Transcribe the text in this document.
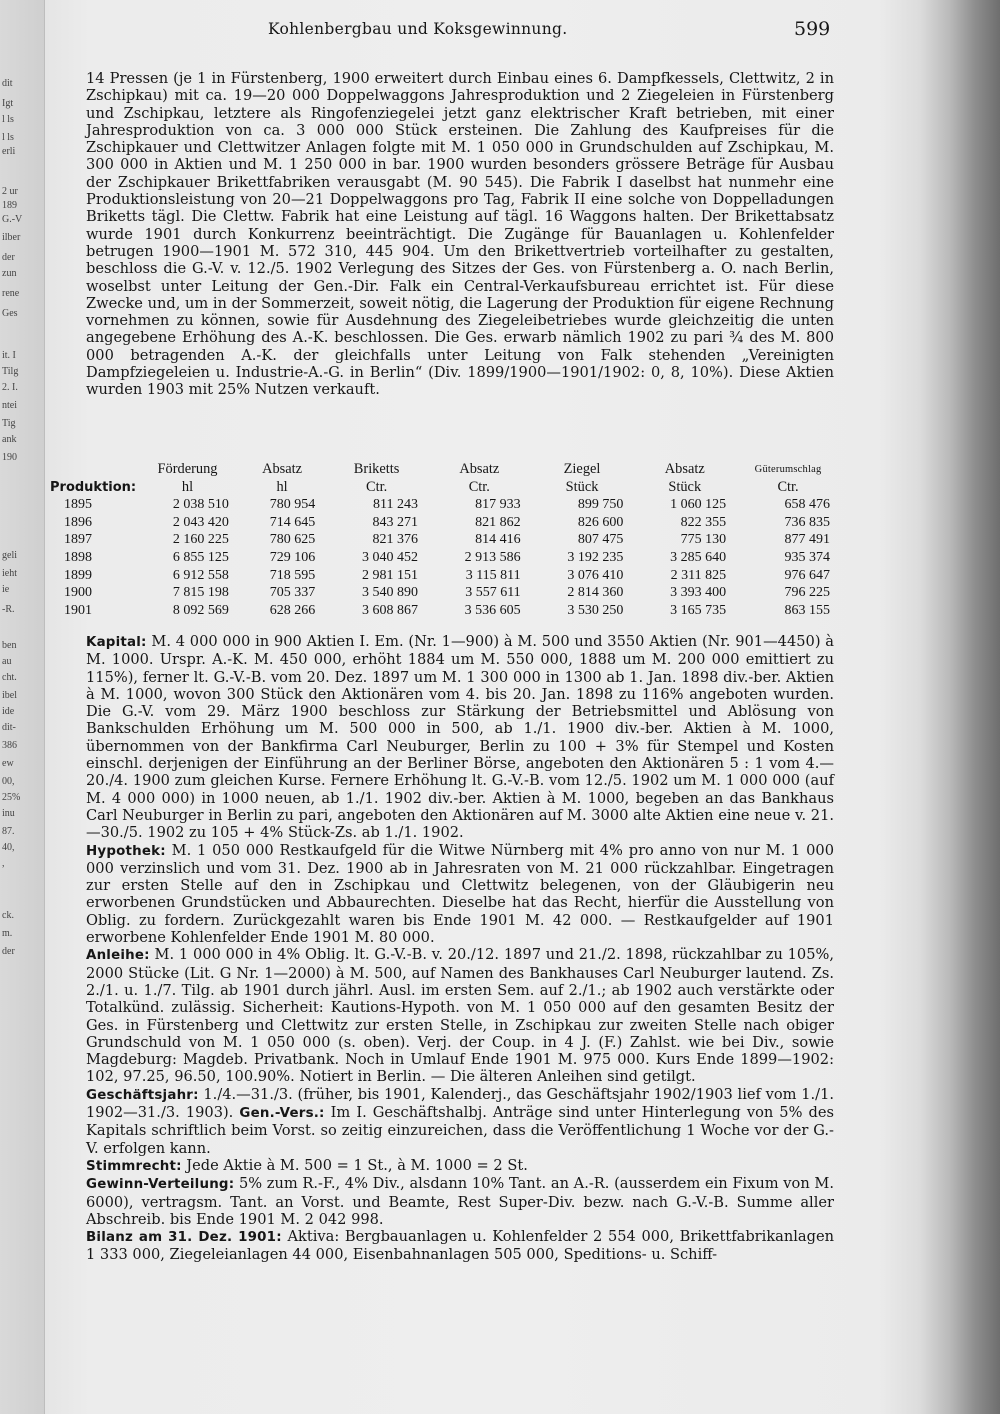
dit
Igt
l ls
l ls
erli
2 ur
189
G.-V
ilber
der
zun
rene
Ges
it. I
Tilg
2. I.
ntei
Tig
ank
190
geli
ieht
ie
-R.
ben
au
cht.
ibel
ide
dit-
386
ew
00,
25%
inu
87.
40,
,
ck.
m.
der
Kohlenbergbau und Koksgewinnung.	599

14 Pressen (je 1 in Fürstenberg, 1900 erweitert durch Einbau eines 6. Dampfkessels, Clettwitz, 2 in Zschipkau) mit ca. 19—20 000 Doppelwaggons Jahresproduktion und 2 Ziegeleien in Fürstenberg und Zschipkau, letztere als Ringofenziegelei jetzt ganz elektrischer Kraft betrieben, mit einer Jahresproduktion von ca. 3 000 000 Stück ersteinen. Die Zahlung des Kaufpreises für die Zschipkauer und Clettwitzer Anlagen folgte mit M. 1 050 000 in Grundschulden auf Zschipkau, M. 300 000 in Aktien und M. 1 250 000 in bar. 1900 wurden besonders grössere Beträge für Ausbau der Zschipkauer Brikettfabriken verausgabt (M. 90 545). Die Fabrik I daselbst hat nunmehr eine Produktionsleistung von 20—21 Doppelwaggons pro Tag, Fabrik II eine solche von Doppelladungen Briketts tägl. Die Clettw. Fabrik hat eine Leistung auf tägl. 16 Waggons halten. Der Brikettabsatz wurde 1901 durch Konkurrenz beeinträchtigt. Die Zugänge für Bauanlagen u. Kohlenfelder betrugen 1900—1901 M. 572 310, 445 904. Um den Brikettvertrieb vorteilhafter zu gestalten, beschloss die G.-V. v. 12./5. 1902 Verlegung des Sitzes der Ges. von Fürstenberg a. O. nach Berlin, woselbst unter Leitung der Gen.-Dir. Falk ein Central-Verkaufsbureau errichtet ist. Für diese Zwecke und, um in der Sommerzeit, soweit nötig, die Lagerung der Produktion für eigene Rechnung vornehmen zu können, sowie für Ausdehnung des Ziegeleibetriebes wurde gleichzeitig die unten angegebene Erhöhung des A.-K. beschlossen. Die Ges. erwarb nämlich 1902 zu pari ¾ des M. 800 000 betragenden A.-K. der gleichfalls unter Leitung von Falk stehenden „Vereinigten Dampfziegeleien u. Industrie-A.-G. in Berlin“ (Div. 1899/1900—1901/1902: 0, 8, 10%). Diese Aktien wurden 1903 mit 25% Nutzen verkauft.

	Förderung	Absatz	Briketts	Absatz	Ziegel	Absatz	Güterumschlag
Produktion:	hl	hl	Ctr.	Ctr.	Stück	Stück	Ctr.
1895	2 038 510	780 954	811 243	817 933	899 750	1 060 125	658 476
1896	2 043 420	714 645	843 271	821 862	826 600	822 355	736 835
1897	2 160 225	780 625	821 376	814 416	807 475	775 130	877 491
1898	6 855 125	729 106	3 040 452	2 913 586	3 192 235	3 285 640	935 374
1899	6 912 558	718 595	2 981 151	3 115 811	3 076 410	2 311 825	976 647
1900	7 815 198	705 337	3 540 890	3 557 611	2 814 360	3 393 400	796 225
1901	8 092 569	628 266	3 608 867	3 536 605	3 530 250	3 165 735	863 155

Kapital: M. 4 000 000 in 900 Aktien I. Em. (Nr. 1—900) à M. 500 und 3550 Aktien (Nr. 901—4450) à M. 1000. Urspr. A.-K. M. 450 000, erhöht 1884 um M. 550 000, 1888 um M. 200 000 emittiert zu 115%), ferner lt. G.-V.-B. vom 20. Dez. 1897 um M. 1 300 000 in 1300 ab 1. Jan. 1898 div.-ber. Aktien à M. 1000, wovon 300 Stück den Aktionären vom 4. bis 20. Jan. 1898 zu 116% angeboten wurden. Die G.-V. vom 29. März 1900 beschloss zur Stärkung der Betriebsmittel und Ablösung von Bankschulden Erhöhung um M. 500 000 in 500, ab 1./1. 1900 div.-ber. Aktien à M. 1000, übernommen von der Bankfirma Carl Neuburger, Berlin zu 100 + 3% für Stempel und Kosten einschl. derjenigen der Einführung an der Berliner Börse, angeboten den Aktionären 5 : 1 vom 4.—20./4. 1900 zum gleichen Kurse. Fernere Erhöhung lt. G.-V.-B. vom 12./5. 1902 um M. 1 000 000 (auf M. 4 000 000) in 1000 neuen, ab 1./1. 1902 div.-ber. Aktien à M. 1000, begeben an das Bankhaus Carl Neuburger in Berlin zu pari, angeboten den Aktionären auf M. 3000 alte Aktien eine neue v. 21.—30./5. 1902 zu 105 + 4% Stück-Zs. ab 1./1. 1902.

Hypothek: M. 1 050 000 Restkaufgeld für die Witwe Nürnberg mit 4% pro anno von nur M. 1 000 000 verzinslich und vom 31. Dez. 1900 ab in Jahresraten von M. 21 000 rückzahlbar. Eingetragen zur ersten Stelle auf den in Zschipkau und Clettwitz belegenen, von der Gläubigerin neu erworbenen Grundstücken und Abbaurechten. Dieselbe hat das Recht, hierfür die Ausstellung von Oblig. zu fordern. Zurückgezahlt waren bis Ende 1901 M. 42 000. — Restkaufgelder auf 1901 erworbene Kohlenfelder Ende 1901 M. 80 000.

Anleihe: M. 1 000 000 in 4% Oblig. lt. G.-V.-B. v. 20./12. 1897 und 21./2. 1898, rückzahlbar zu 105%, 2000 Stücke (Lit. G Nr. 1—2000) à M. 500, auf Namen des Bankhauses Carl Neuburger lautend. Zs. 2./1. u. 1./7. Tilg. ab 1901 durch jährl. Ausl. im ersten Sem. auf 2./1.; ab 1902 auch verstärkte oder Totalkünd. zulässig. Sicherheit: Kautions-Hypoth. von M. 1 050 000 auf den gesamten Besitz der Ges. in Fürstenberg und Clettwitz zur ersten Stelle, in Zschipkau zur zweiten Stelle nach obiger Grundschuld von M. 1 050 000 (s. oben). Verj. der Coup. in 4 J. (F.) Zahlst. wie bei Div., sowie Magdeburg: Magdeb. Privatbank. Noch in Umlauf Ende 1901 M. 975 000. Kurs Ende 1899—1902: 102, 97.25, 96.50, 100.90%. Notiert in Berlin. — Die älteren Anleihen sind getilgt.

Geschäftsjahr: 1./4.—31./3. (früher, bis 1901, Kalenderj., das Geschäftsjahr 1902/1903 lief vom 1./1. 1902—31./3. 1903). Gen.-Vers.: Im I. Geschäftshalbj. Anträge sind unter Hinterlegung von 5% des Kapitals schriftlich beim Vorst. so zeitig einzureichen, dass die Veröffentlichung 1 Woche vor der G.-V. erfolgen kann.

Stimmrecht: Jede Aktie à M. 500 = 1 St., à M. 1000 = 2 St.

Gewinn-Verteilung: 5% zum R.-F., 4% Div., alsdann 10% Tant. an A.-R. (ausserdem ein Fixum von M. 6000), vertragsm. Tant. an Vorst. und Beamte, Rest Super-Div. bezw. nach G.-V.-B. Summe aller Abschreib. bis Ende 1901 M. 2 042 998.

Bilanz am 31. Dez. 1901: Aktiva: Bergbauanlagen u. Kohlenfelder 2 554 000, Brikettfabrikanlagen 1 333 000, Ziegeleianlagen 44 000, Eisenbahnanlagen 505 000, Speditions- u. Schiff-
